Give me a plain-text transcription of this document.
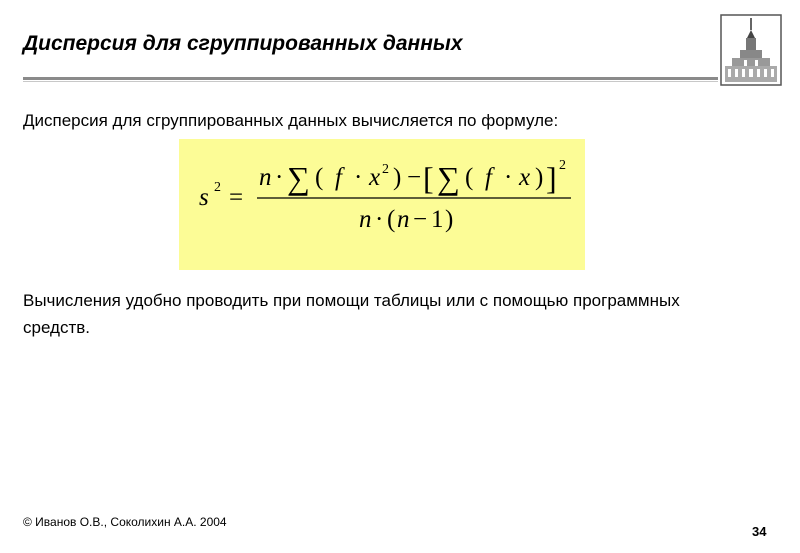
Дисперсия для сгруппированных данных
Дисперсия для сгруппированных данных вычисляется по формуле:
s 2 =
n · ∑ ( f · x 2 ) − [ ∑ ( f · x ) ] 2
n · ( n − 1 )
Вычисления удобно проводить при помощи таблицы или с помощью программных средств.
© Иванов О.В., Соколихин А.А. 2004
34
